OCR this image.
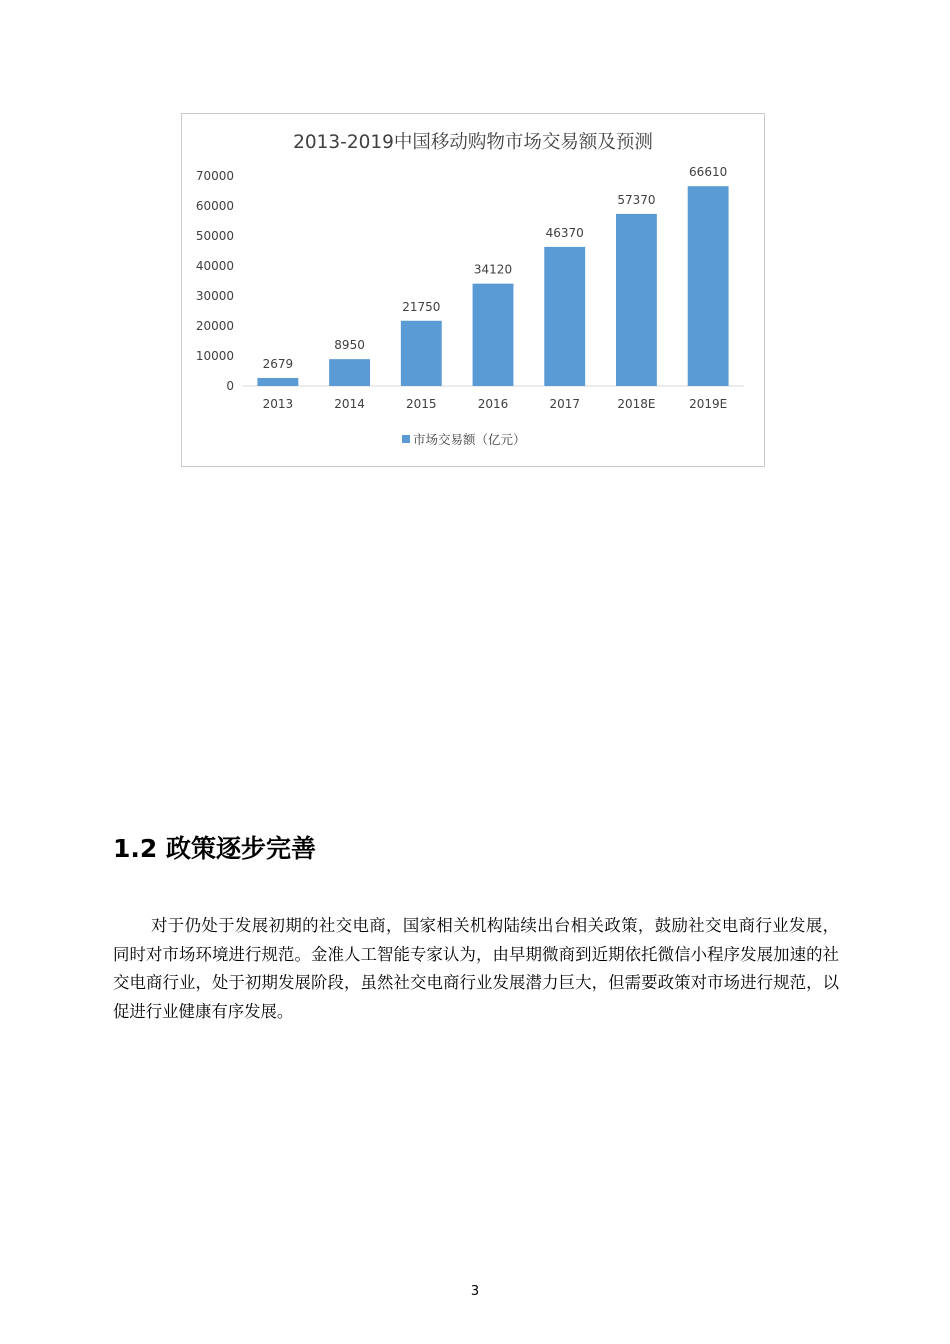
2013-2019中国移动购物市场交易额及预测
0
10000
20000
30000
40000
50000
60000
70000
2679
8950
21750
34120
46370
57370
66610
2013	2014	2015	2016	2017	2018E	2019E
市场交易额（亿元）
1.2 政策逐步完善

对于仍处于发展初期的社交电商，国家相关机构陆续出台相关政策，鼓励社交电商行业发展，同时对市场环境进行规范。金准人工智能专家认为，由早期微商到近期依托微信小程序发展加速的社交电商行业，处于初期发展阶段，虽然社交电商行业发展潜力巨大，但需要政策对市场进行规范，以促进行业健康有序发展。

3
